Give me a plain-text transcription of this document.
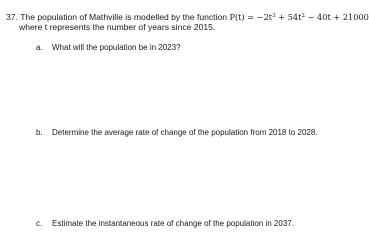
37. The population of Mathville is modelled by the function $P(t) = -2t^3 + 54t^2 - 40t + 21000$
where t represents the number of years since 2015.
a. What will the population be in 2023?
b. Determine the average rate of change of the population from 2018 to 2028.
c. Estimate the instantaneous rate of change of the population in 2037.
